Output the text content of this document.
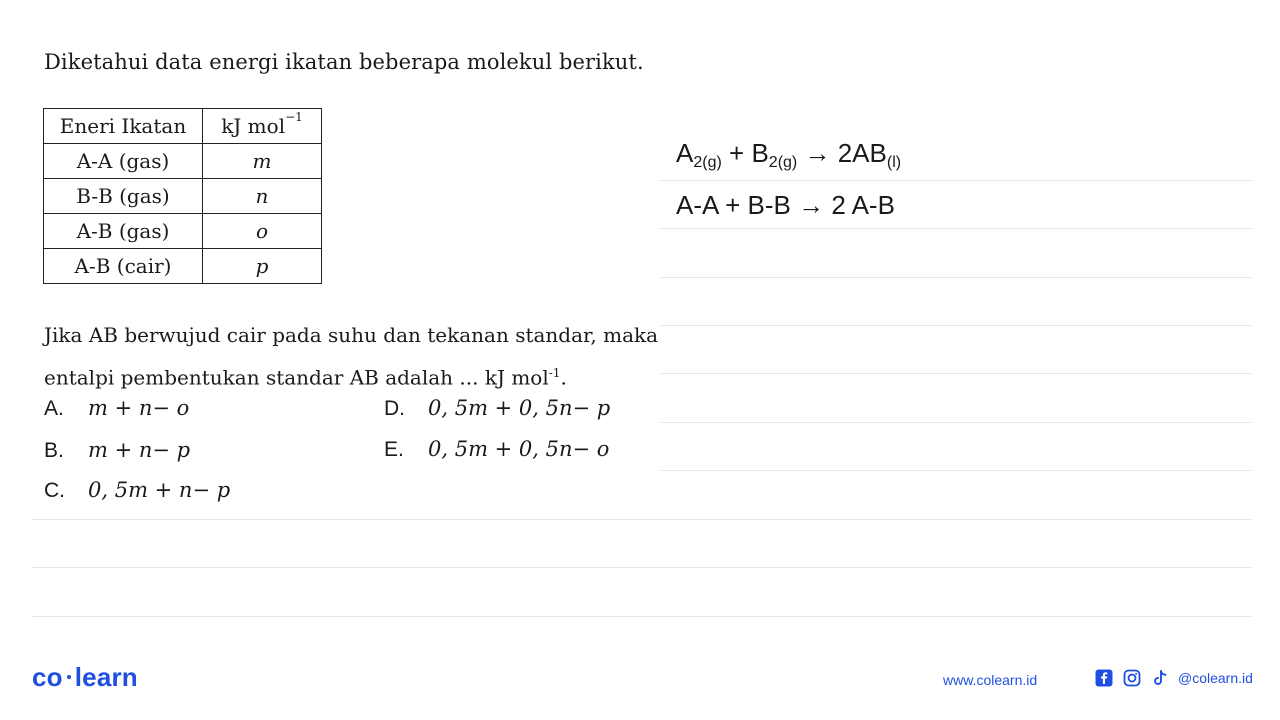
Diketahui data energi ikatan beberapa molekul berikut.
Eneri Ikatan	kJ mol$^{-1}$
A-A (gas)	m
B-B (gas)	n
A-B (gas)	o
A-B (cair)	p
$A_{2(g)} + B_{2(g)} \to 2AB_{(l)}$
A-A + B-B → 2 A-B
Jika AB berwujud cair pada suhu dan tekanan standar, maka
entalpi pembentukan standar AB adalah ... kJ mol$^{-1}$.
A. m + n− o
B. m + n− p
C. 0, 5m + n− p
D. 0, 5m + 0, 5n− p
E. 0, 5m + 0, 5n− o
co learn	www.colearn.id	@colearn.id
